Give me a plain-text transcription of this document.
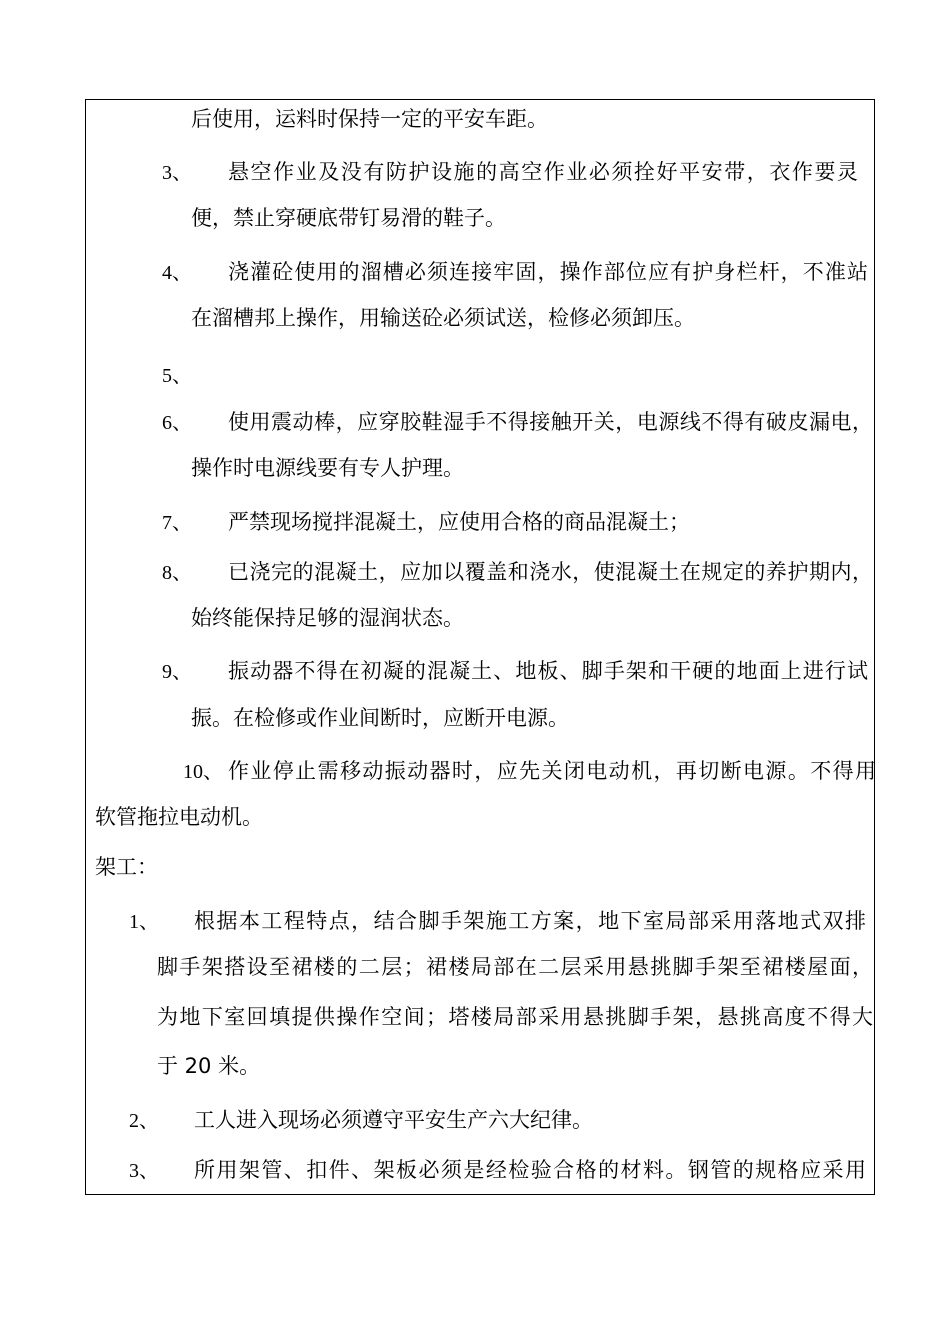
后使用，运料时保持一定的平安车距。
3、 悬空作业及没有防护设施的高空作业必须拴好平安带，衣作要灵
便，禁止穿硬底带钉易滑的鞋子。
4、 浇灌砼使用的溜槽必须连接牢固，操作部位应有护身栏杆，不准站
在溜槽邦上操作，用输送砼必须试送，检修必须卸压。
5、
6、 使用震动棒，应穿胶鞋湿手不得接触开关，电源线不得有破皮漏电，
操作时电源线要有专人护理。
7、 严禁现场搅拌混凝土，应使用合格的商品混凝土；
8、 已浇完的混凝土，应加以覆盖和浇水，使混凝土在规定的养护期内，
始终能保持足够的湿润状态。
9、 振动器不得在初凝的混凝土、地板、脚手架和干硬的地面上进行试
振。在检修或作业间断时，应断开电源。
10、 作业停止需移动振动器时，应先关闭电动机，再切断电源。不得用
软管拖拉电动机。
架工：
1、 根据本工程特点，结合脚手架施工方案，地下室局部采用落地式双排
脚手架搭设至裙楼的二层；裙楼局部在二层采用悬挑脚手架至裙楼屋面，
为地下室回填提供操作空间；塔楼局部采用悬挑脚手架，悬挑高度不得大
于 20 米。
2、 工人进入现场必须遵守平安生产六大纪律。
3、 所用架管、扣件、架板必须是经检验合格的材料。钢管的规格应采用
